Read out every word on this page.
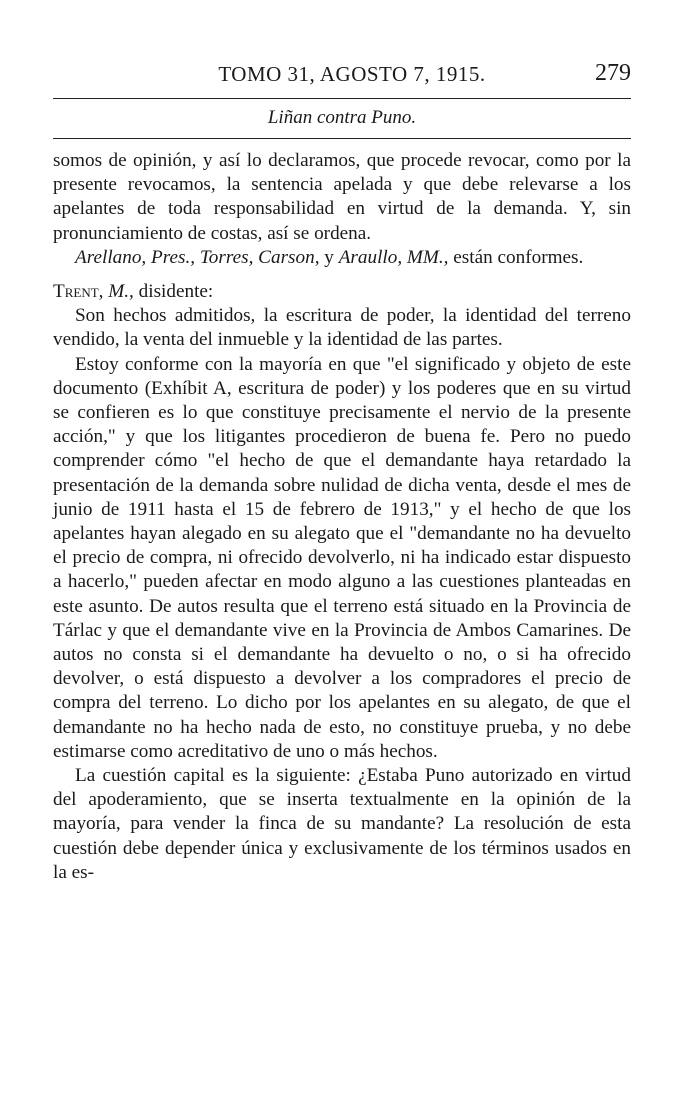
TOMO 31, AGOSTO 7, 1915.	279
Liñan contra Puno.

somos de opinión, y así lo declaramos, que procede revocar, como por la presente revocamos, la sentencia apelada y que debe relevarse a los apelantes de toda responsabilidad en virtud de la demanda. Y, sin pronunciamiento de costas, así se ordena.

Arellano, Pres., Torres, Carson, y Araullo, MM., están conformes.

Trent, M., disidente:

Son hechos admitidos, la escritura de poder, la identidad del terreno vendido, la venta del inmueble y la identidad de las partes.

Estoy conforme con la mayoría en que "el significado y objeto de este documento (Exhíbit A, escritura de poder) y los poderes que en su virtud se confieren es lo que constituye precisamente el nervio de la presente acción," y que los litigantes procedieron de buena fe. Pero no puedo comprender cómo "el hecho de que el demandante haya retardado la presentación de la demanda sobre nulidad de dicha venta, desde el mes de junio de 1911 hasta el 15 de febrero de 1913," y el hecho de que los apelantes hayan alegado en su alegato que el "demandante no ha devuelto el precio de compra, ni ofrecido devolverlo, ni ha indicado estar dispuesto a hacerlo," pueden afectar en modo alguno a las cuestiones planteadas en este asunto. De autos resulta que el terreno está situado en la Provincia de Tárlac y que el demandante vive en la Provincia de Ambos Camarines. De autos no consta si el demandante ha devuelto o no, o si ha ofrecido devolver, o está dispuesto a devolver a los compradores el precio de compra del terreno. Lo dicho por los apelantes en su alegato, de que el demandante no ha hecho nada de esto, no constituye prueba, y no debe estimarse como acreditativo de uno o más hechos.

La cuestión capital es la siguiente: ¿Estaba Puno autorizado en virtud del apoderamiento, que se inserta textualmente en la opinión de la mayoría, para vender la finca de su mandante? La resolución de esta cuestión debe depender única y exclusivamente de los términos usados en la es-
